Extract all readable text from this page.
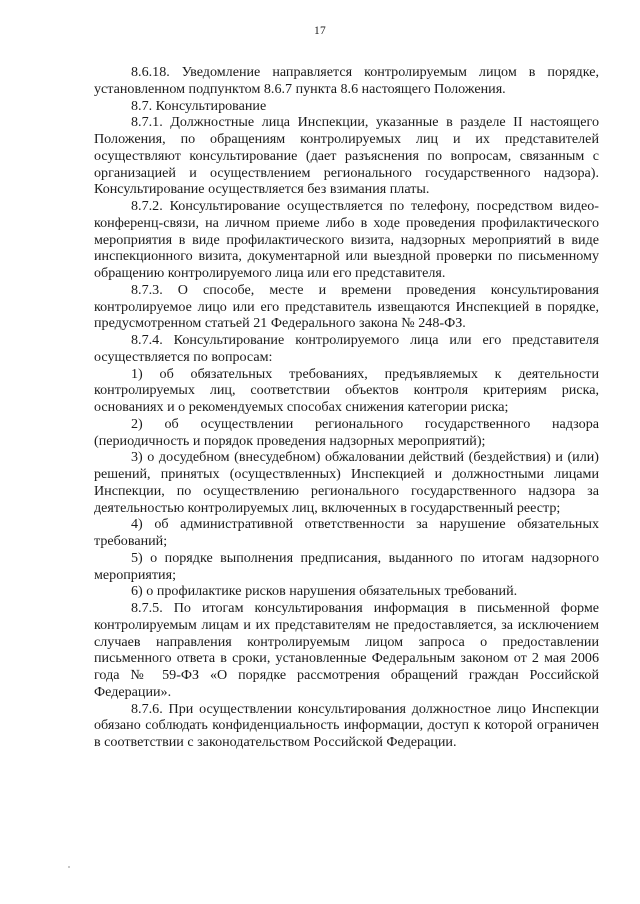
17

8.6.18. Уведомление направляется контролируемым лицом в порядке, установленном подпунктом 8.6.7 пункта 8.6 настоящего Положения.

8.7. Консультирование

8.7.1. Должностные лица Инспекции, указанные в разделе II настоящего Положения, по обращениям контролируемых лиц и их представителей осуществляют консультирование (дает разъяснения по вопросам, связанным с организацией и осуществлением регионального государственного надзора). Консультирование осуществляется без взимания платы.

8.7.2. Консультирование осуществляется по телефону, посредством видео-конференц-связи, на личном приеме либо в ходе проведения профилактического мероприятия в виде профилактического визита, надзорных мероприятий в виде инспекционного визита, документарной или выездной проверки по письменному обращению контролируемого лица или его представителя.

8.7.3. О способе, месте и времени проведения консультирования контролируемое лицо или его представитель извещаются Инспекцией в порядке, предусмотренном статьей 21 Федерального закона № 248-ФЗ.

8.7.4. Консультирование контролируемого лица или его представителя осуществляется по вопросам:

1) об обязательных требованиях, предъявляемых к деятельности контролируемых лиц, соответствии объектов контроля критериям риска, основаниях и о рекомендуемых способах снижения категории риска;

2) об осуществлении регионального государственного надзора (периодичность и порядок проведения надзорных мероприятий);

3) о досудебном (внесудебном) обжаловании действий (бездействия) и (или) решений, принятых (осуществленных) Инспекцией и должностными лицами Инспекции, по осуществлению регионального государственного надзора за деятельностью контролируемых лиц, включенных в государственный реестр;

4) об административной ответственности за нарушение обязательных требований;

5) о порядке выполнения предписания, выданного по итогам надзорного мероприятия;

6) о профилактике рисков нарушения обязательных требований.

8.7.5. По итогам консультирования информация в письменной форме контролируемым лицам и их представителям не предоставляется, за исключением случаев направления контролируемым лицом запроса о предоставлении письменного ответа в сроки, установленные Федеральным законом от 2 мая 2006 года № 59-ФЗ «О порядке рассмотрения обращений граждан Российской Федерации».

8.7.6. При осуществлении консультирования должностное лицо Инспекции обязано соблюдать конфиденциальность информации, доступ к которой ограничен в соответствии с законодательством Российской Федерации.
